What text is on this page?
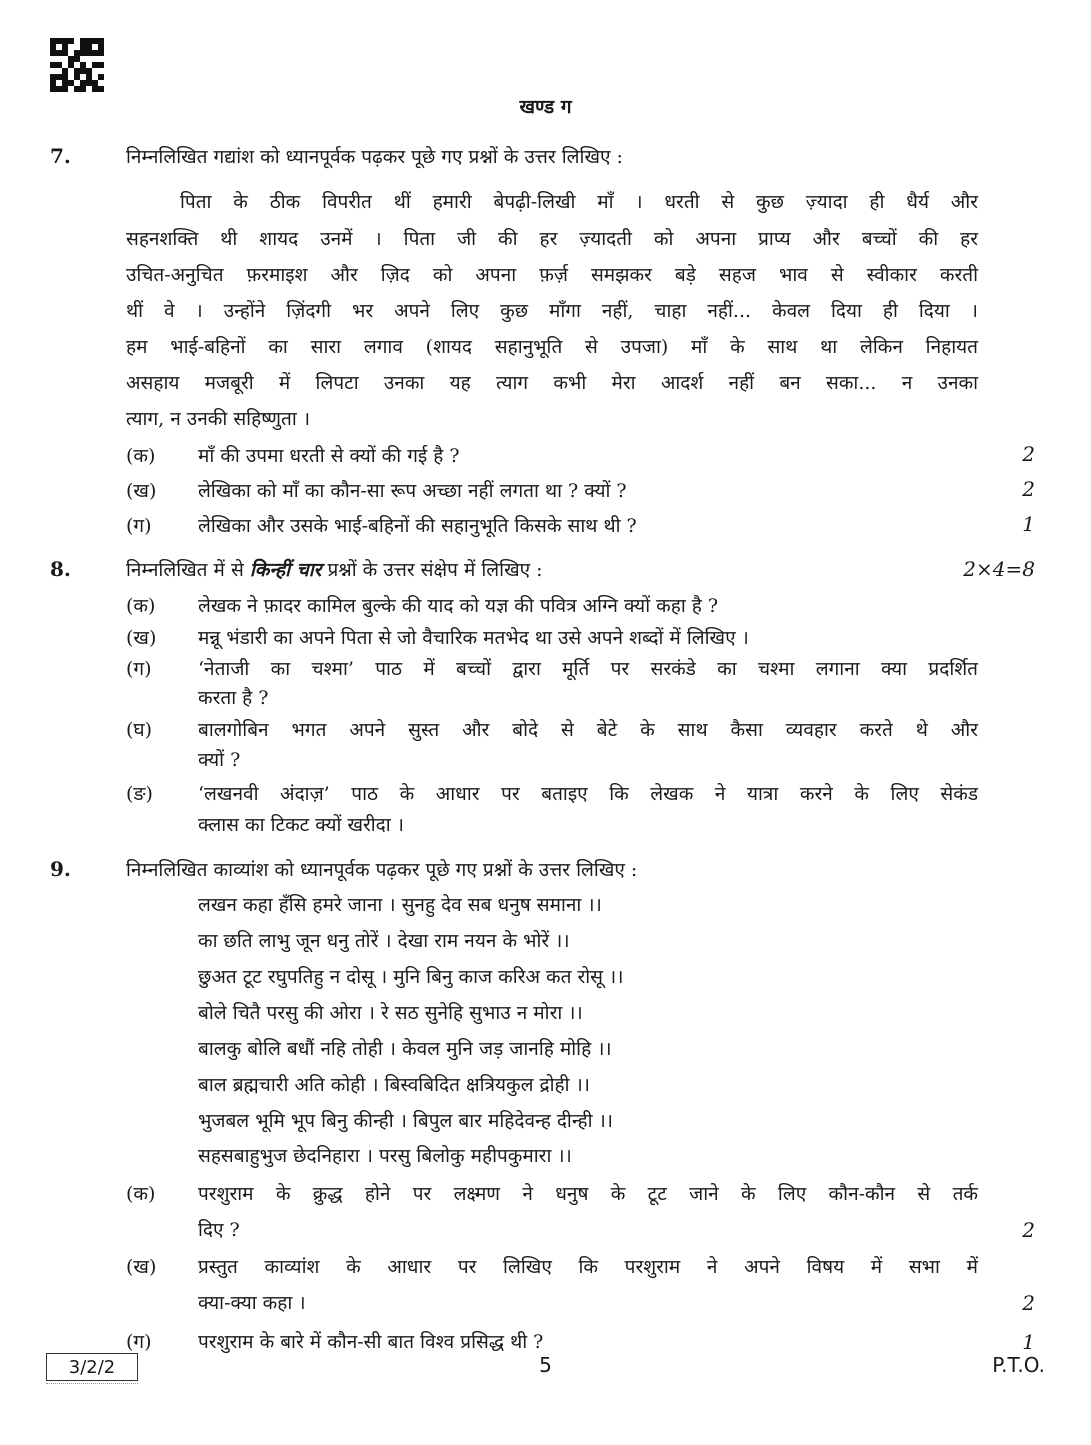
खण्ड ग
7.	निम्नलिखित गद्यांश को ध्यानपूर्वक पढ़कर पूछे गए प्रश्नों के उत्तर लिखिए :
पिता के ठीक विपरीत थीं हमारी बेपढ़ी-लिखी माँ । धरती से कुछ ज़्यादा ही धैर्य और
सहनशक्ति थी शायद उनमें । पिता जी की हर ज़्यादती को अपना प्राप्य और बच्चों की हर
उचित-अनुचित फ़रमाइश और ज़िद को अपना फ़र्ज़ समझकर बड़े सहज भाव से स्वीकार करती
थीं वे । उन्होंने ज़िंदगी भर अपने लिए कुछ माँगा नहीं, चाहा नहीं... केवल दिया ही दिया ।
हम भाई-बहिनों का सारा लगाव (शायद सहानुभूति से उपजा) माँ के साथ था लेकिन निहायत
असहाय मजबूरी में लिपटा उनका यह त्याग कभी मेरा आदर्श नहीं बन सका... न उनका
त्याग, न उनकी सहिष्णुता ।
(क) माँ की उपमा धरती से क्यों की गई है ?	2
(ख) लेखिका को माँ का कौन-सा रूप अच्छा नहीं लगता था ? क्यों ?	2
(ग) लेखिका और उसके भाई-बहिनों की सहानुभूति किसके साथ थी ?	1
8.	निम्नलिखित में से किन्हीं चार प्रश्नों के उत्तर संक्षेप में लिखिए :	2×4=8
(क) लेखक ने फ़ादर कामिल बुल्के की याद को यज्ञ की पवित्र अग्नि क्यों कहा है ?
(ख) मन्नू भंडारी का अपने पिता से जो वैचारिक मतभेद था उसे अपने शब्दों में लिखिए ।
(ग) ‘नेताजी का चश्मा’ पाठ में बच्चों द्वारा मूर्ति पर सरकंडे का चश्मा लगाना क्या प्रदर्शित
करता है ?
(घ) बालगोबिन भगत अपने सुस्त और बोदे से बेटे के साथ कैसा व्यवहार करते थे और
क्यों ?
(ङ) ‘लखनवी अंदाज़’ पाठ के आधार पर बताइए कि लेखक ने यात्रा करने के लिए सेकंड
क्लास का टिकट क्यों खरीदा ।
9.	निम्नलिखित काव्यांश को ध्यानपूर्वक पढ़कर पूछे गए प्रश्नों के उत्तर लिखिए :
लखन कहा हँसि हमरे जाना । सुनहु देव सब धनुष समाना ।।
का छति लाभु जून धनु तोरें । देखा राम नयन के भोरें ।।
छुअत टूट रघुपतिहु न दोसू । मुनि बिनु काज करिअ कत रोसू ।।
बोले चितै परसु की ओरा । रे सठ सुनेहि सुभाउ न मोरा ।।
बालकु बोलि बधौं नहि तोही । केवल मुनि जड़ जानहि मोहि ।।
बाल ब्रह्मचारी अति कोही । बिस्वबिदित क्षत्रियकुल द्रोही ।।
भुजबल भूमि भूप बिनु कीन्ही । बिपुल बार महिदेवन्ह दीन्ही ।।
सहसबाहुभुज छेदनिहारा । परसु बिलोकु महीपकुमारा ।।
(क) परशुराम के क्रुद्ध होने पर लक्ष्मण ने धनुष के टूट जाने के लिए कौन-कौन से तर्क
दिए ?	2
(ख) प्रस्तुत काव्यांश के आधार पर लिखिए कि परशुराम ने अपने विषय में सभा में
क्या-क्या कहा ।	2
(ग) परशुराम के बारे में कौन-सी बात विश्व प्रसिद्ध थी ?	1
3/2/2	5	P.T.O.
